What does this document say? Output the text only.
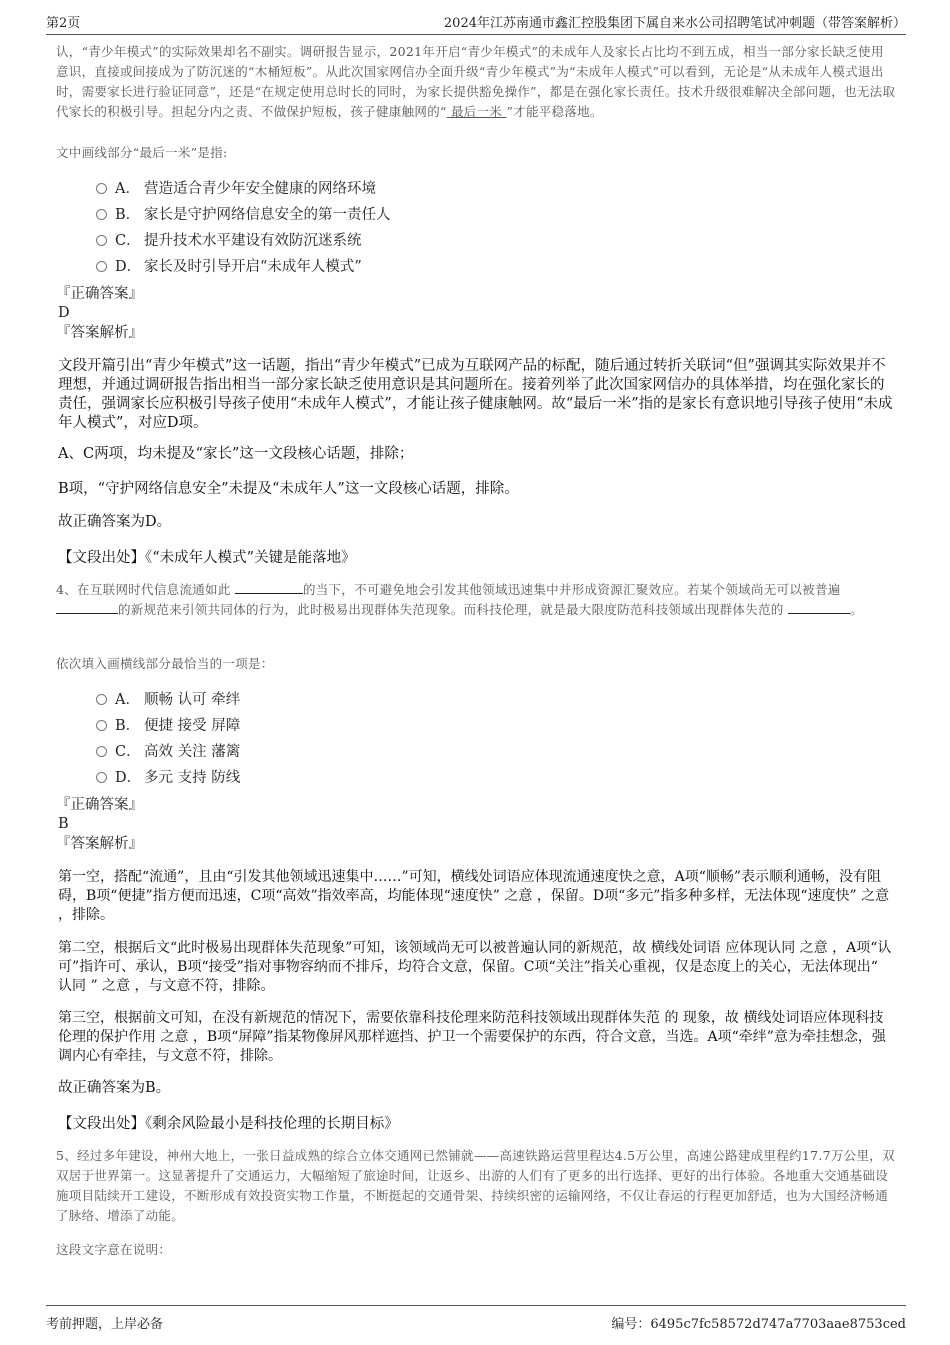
第2页	2024年江苏南通市鑫汇控股集团下属自来水公司招聘笔试冲刺题（带答案解析）
认，“青少年模式”的实际效果却名不副实。调研报告显示，2021年开启“青少年模式”的未成年人及家长占比均不到五成，相当一部分家长缺乏使用意识，直接或间接成为了防沉迷的“木桶短板”。从此次国家网信办全面升级“青少年模式”为“未成年人模式”可以看到，无论是“从未成年人模式退出时，需要家长进行验证同意”，还是“在规定使用总时长的同时，为家长提供豁免操作”，都是在强化家长责任。技术升级很难解决全部问题，也无法取代家长的积极引导。担起分内之责、不做保护短板，孩子健康触网的“ 最后一米 ”才能平稳落地。
文中画线部分“最后一米”是指:
A． 营造适合青少年安全健康的网络环境
B． 家长是守护网络信息安全的第一责任人
C． 提升技术水平建设有效防沉迷系统
D． 家长及时引导开启“未成年人模式”
『正确答案』
D
『答案解析』
文段开篇引出“青少年模式”这一话题，指出“青少年模式”已成为互联网产品的标配，随后通过转折关联词“但”强调其实际效果并不理想，并通过调研报告指出相当一部分家长缺乏使用意识是其问题所在。接着列举了此次国家网信办的具体举措，均在强化家长的责任，强调家长应积极引导孩子使用“未成年人模式”，才能让孩子健康触网。故“最后一米”指的是家长有意识地引导孩子使用“未成年人模式”，对应D项。
A、C两项，均未提及“家长”这一文段核心话题，排除；
B项，“守护网络信息安全”未提及“未成年人”这一文段核心话题，排除。
故正确答案为D。
【文段出处】《“未成年人模式”关键是能落地》
4、在互联网时代信息流通如此	的当下，不可避免地会引发其他领域迅速集中并形成资源汇聚效应。若某个领域尚无可以被普遍的新规范来引领共同体的行为，此时极易出现群体失范现象。而科技伦理，就是最大限度防范科技领域出现群体失范的	。
依次填入画横线部分最恰当的一项是：
A． 顺畅 认可 牵绊
B． 便捷 接受 屏障
C． 高效 关注 藩篱
D． 多元 支持 防线
『正确答案』
B
『答案解析』
第一空，搭配“流通”，且由“引发其他领域迅速集中……”可知，横线处词语应体现流通速度快之意，A项“顺畅”表示顺利通畅，没有阻碍，B项“便捷”指方便而迅速，C项“高效”指效率高，均能体现“速度快” 之意 ，保留。D项“多元”指多种多样，无法体现“速度快” 之意 ，排除。
第二空，根据后文“此时极易出现群体失范现象”可知，该领域尚无可以被普遍认同的新规范，故 横线处词语 应体现认同 之意 ，A项“认可”指许可、承认，B项“接受”指对事物容纳而不排斥，均符合文意，保留。C项“关注”指关心重视，仅是态度上的关心，无法体现出“ 认同 ” 之意 ，与文意不符，排除。
第三空，根据前文可知，在没有新规范的情况下，需要依靠科技伦理来防范科技领域出现群体失范 的 现象，故 横线处词语应体现科技伦理的保护作用 之意 ，B项“屏障”指某物像屏风那样遮挡、护卫一个需要保护的东西，符合文意，当选。A项“牵绊”意为牵挂想念，强调内心有牵挂，与文意不符，排除。
故正确答案为B。
【文段出处】《剩余风险最小是科技伦理的长期目标》
5、经过多年建设，神州大地上，一张日益成熟的综合立体交通网已然铺就——高速铁路运营里程达4.5万公里，高速公路建成里程约17.7万公里，双双居于世界第一。这显著提升了交通运力，大幅缩短了旅途时间，让返乡、出游的人们有了更多的出行选择、更好的出行体验。各地重大交通基础设施项目陆续开工建设，不断形成有效投资实物工作量，不断挺起的交通骨架、持续织密的运输网络，不仅让春运的行程更加舒适，也为大国经济畅通了脉络、增添了动能。
这段文字意在说明：
考前押题，上岸必备	编号：6495c7fc58572d747a7703aae8753ced
